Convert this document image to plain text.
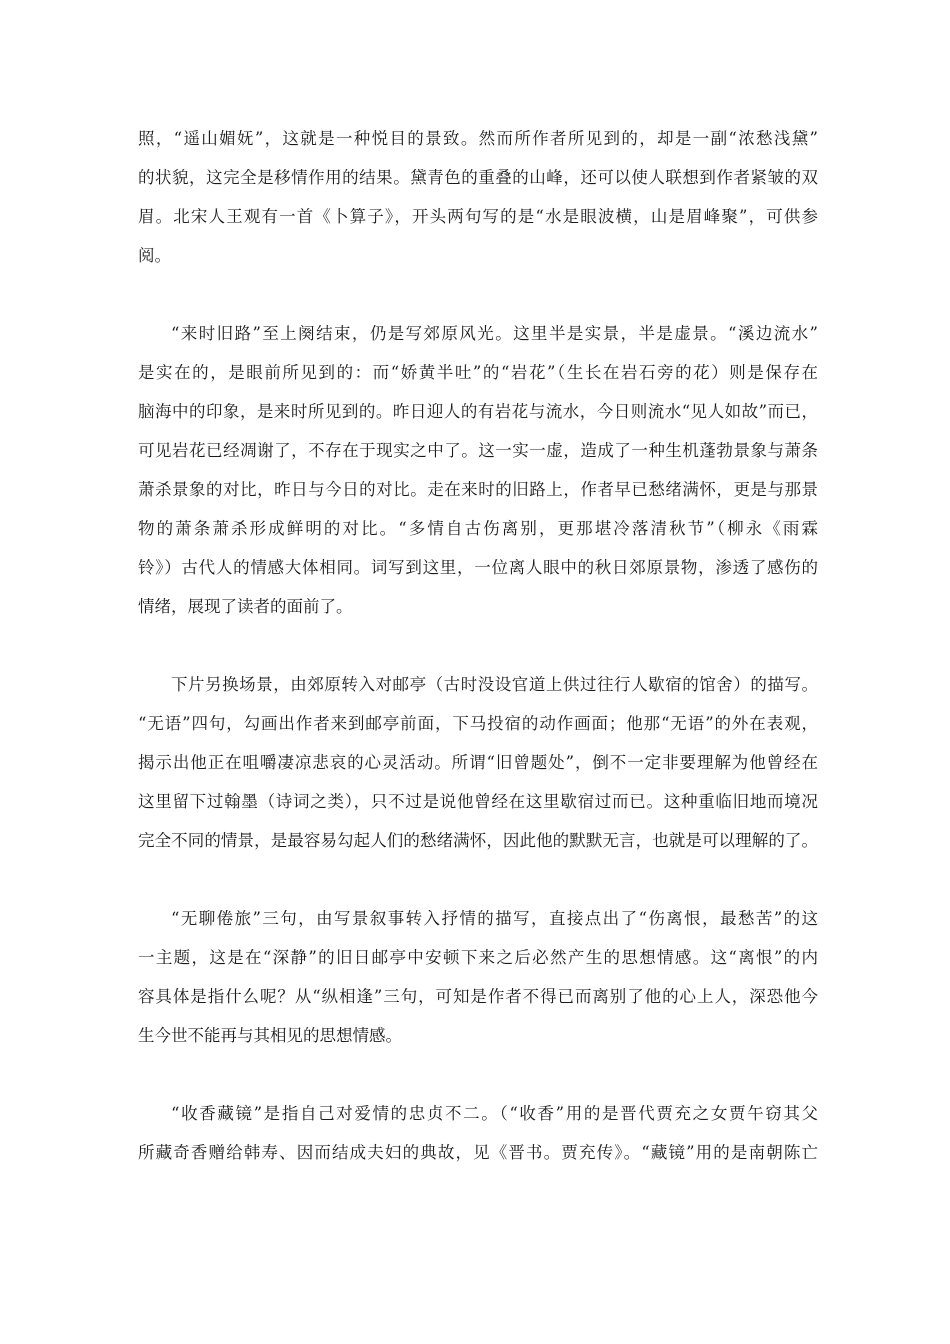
照，“遥山媚妩”，这就是一种悦目的景致。然而所作者所见到的，却是一副“浓愁浅黛”
的状貌，这完全是移情作用的结果。黛青色的重叠的山峰，还可以使人联想到作者紧皱的双
眉。北宋人王观有一首《卜算子》，开头两句写的是“水是眼波横，山是眉峰聚”，可供参
阅。
“来时旧路”至上阕结束，仍是写郊原风光。这里半是实景，半是虚景。“溪边流水”
是实在的，是眼前所见到的：而“娇黄半吐”的“岩花”（生长在岩石旁的花）则是保存在
脑海中的印象，是来时所见到的。昨日迎人的有岩花与流水，今日则流水“见人如故”而已，
可见岩花已经凋谢了，不存在于现实之中了。这一实一虚，造成了一种生机蓬勃景象与萧条
萧杀景象的对比，昨日与今日的对比。走在来时的旧路上，作者早已愁绪满怀，更是与那景
物的萧条萧杀形成鲜明的对比。“多情自古伤离别，更那堪冷落清秋节”（柳永《雨霖
铃》）古代人的情感大体相同。词写到这里，一位离人眼中的秋日郊原景物，渗透了感伤的
情绪，展现了读者的面前了。
下片另换场景，由郊原转入对邮亭（古时没设官道上供过往行人歇宿的馆舍）的描写。
“无语”四句，勾画出作者来到邮亭前面，下马投宿的动作画面；他那“无语”的外在表观，
揭示出他正在咀嚼凄凉悲哀的心灵活动。所谓“旧曾题处”，倒不一定非要理解为他曾经在
这里留下过翰墨（诗词之类），只不过是说他曾经在这里歇宿过而已。这种重临旧地而境况
完全不同的情景，是最容易勾起人们的愁绪满怀，因此他的默默无言，也就是可以理解的了。
“无聊倦旅”三句，由写景叙事转入抒情的描写，直接点出了“伤离恨，最愁苦”的这
一主题，这是在“深静”的旧日邮亭中安顿下来之后必然产生的思想情感。这“离恨”的内
容具体是指什么呢？从“纵相逢”三句，可知是作者不得已而离别了他的心上人，深恐他今
生今世不能再与其相见的思想情感。
“收香藏镜”是指自己对爱情的忠贞不二。（“收香”用的是晋代贾充之女贾午窃其父
所藏奇香赠给韩寿、因而结成夫妇的典故，见《晋书。贾充传》。“藏镜”用的是南朝陈亡
